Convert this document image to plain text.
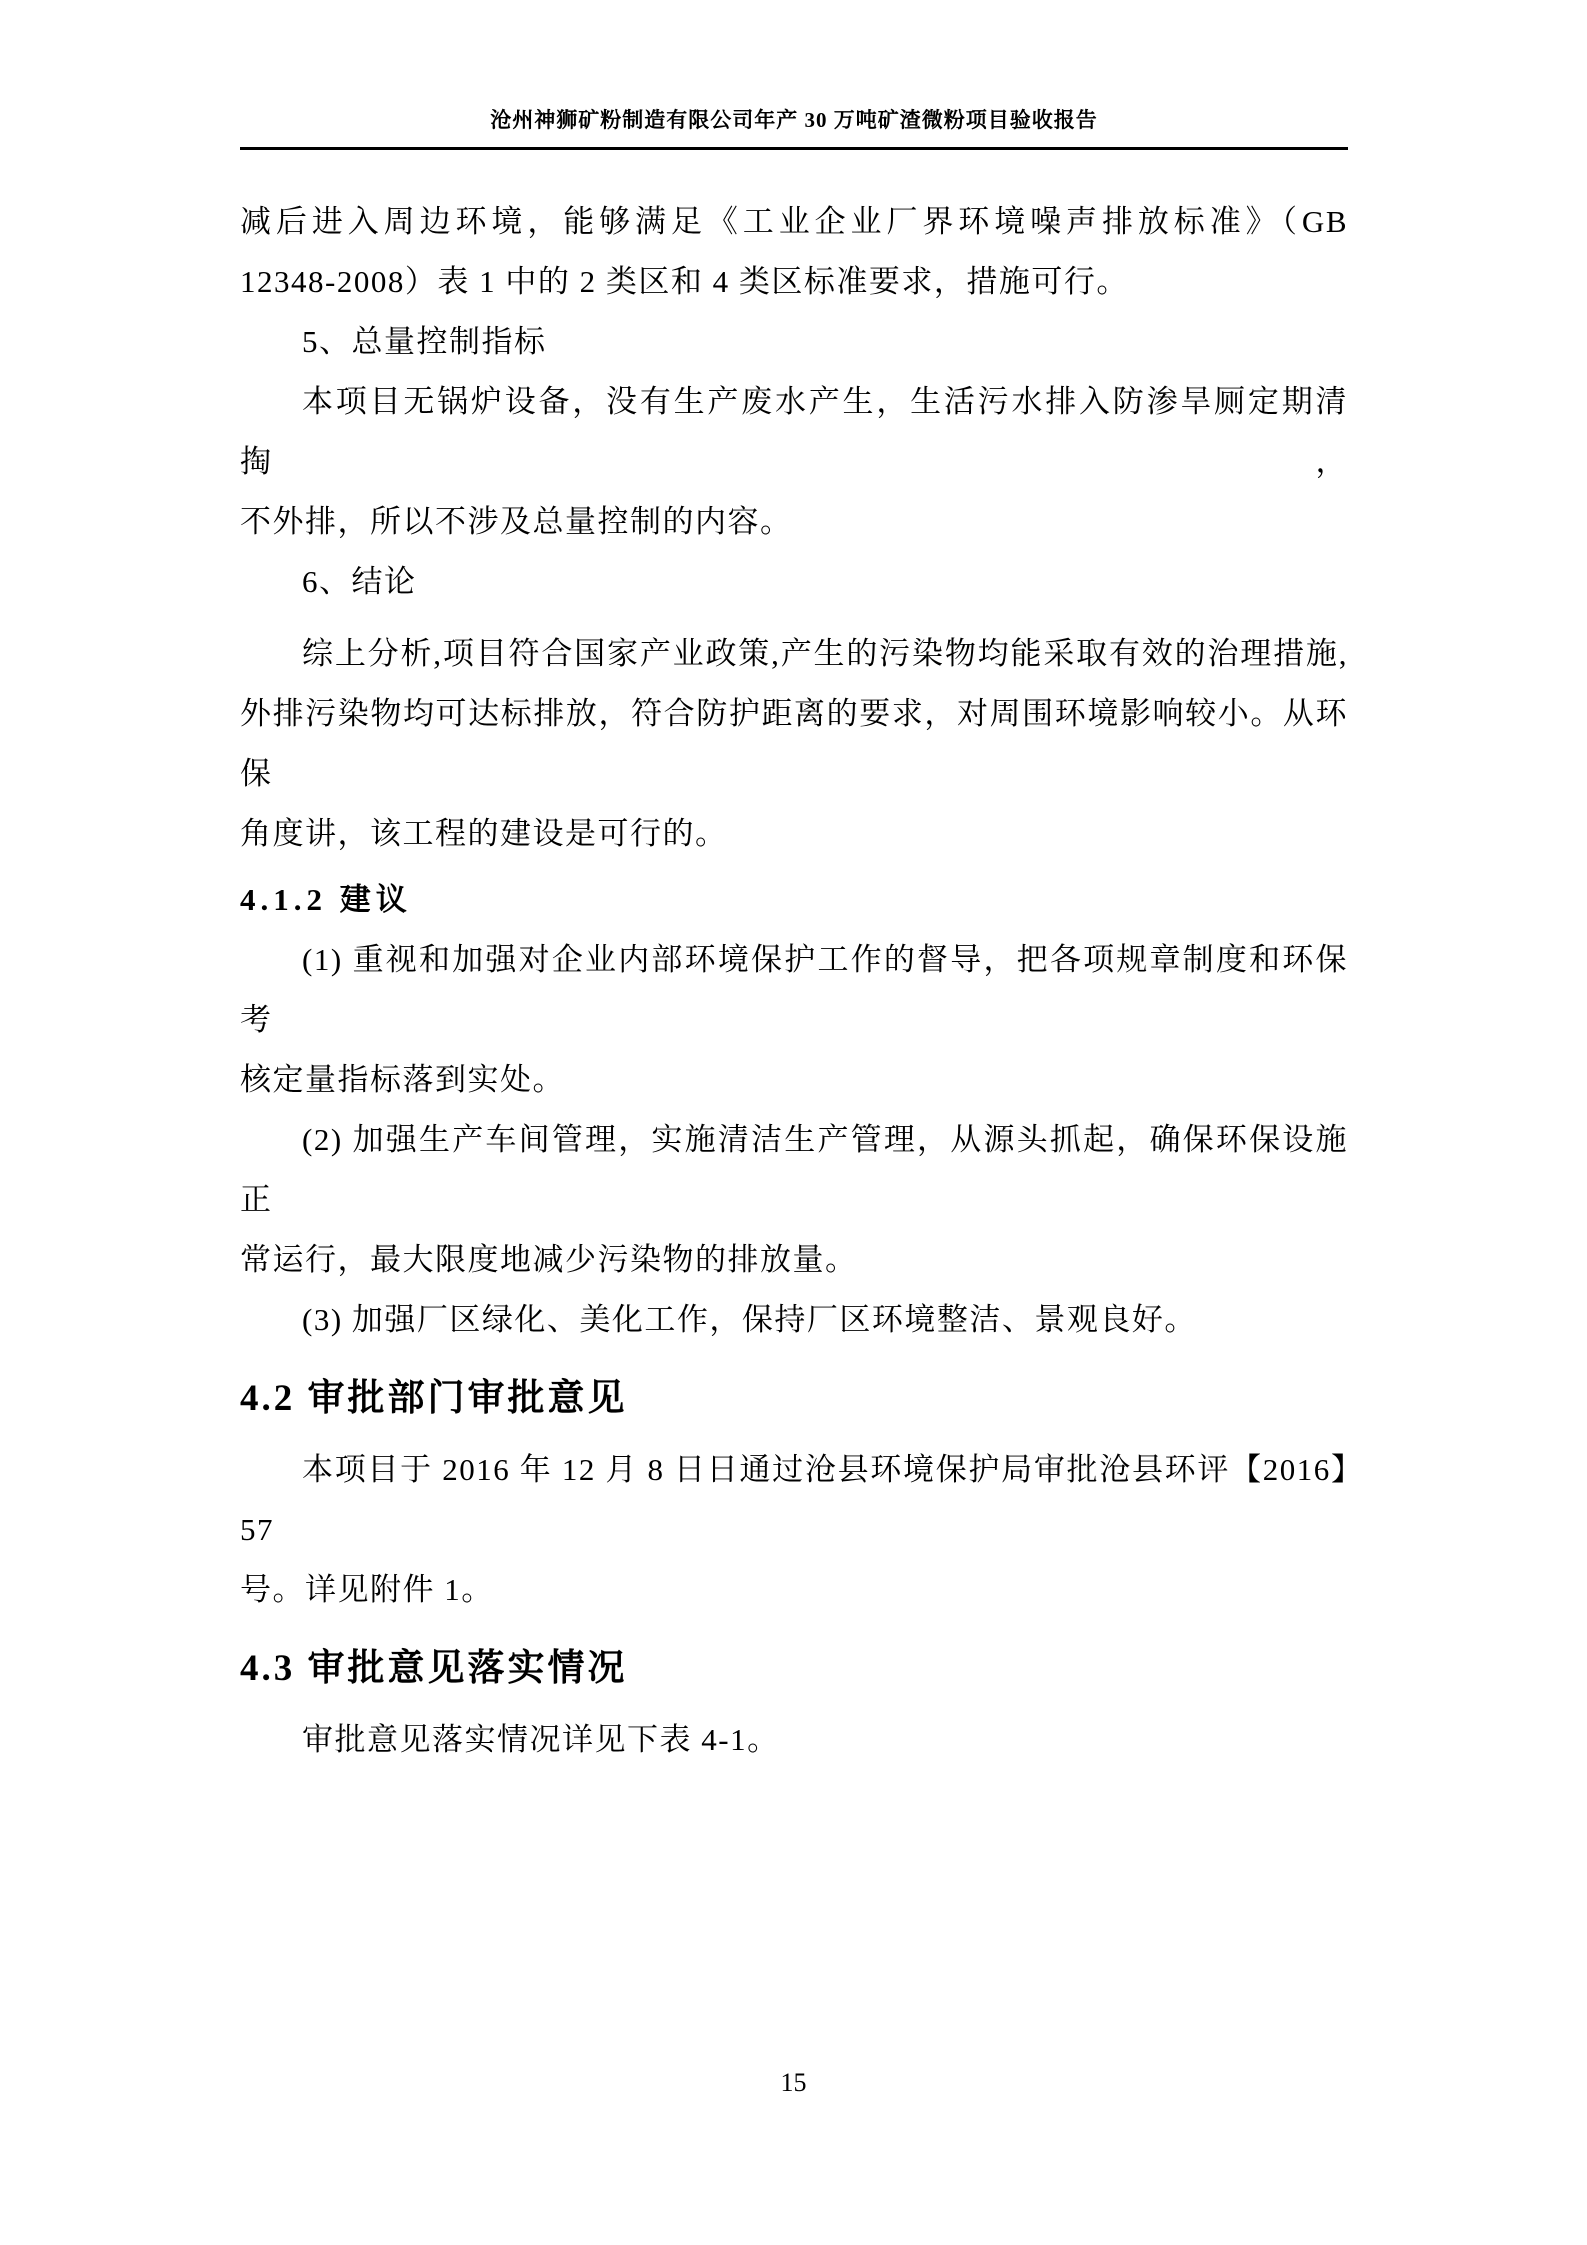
沧州神狮矿粉制造有限公司年产 30 万吨矿渣微粉项目验收报告
减后进入周边环境，能够满足《工业企业厂界环境噪声排放标准》（GB
12348-2008）表 1 中的 2 类区和 4 类区标准要求，措施可行。
5、总量控制指标
本项目无锅炉设备，没有生产废水产生，生活污水排入防渗旱厕定期清掏，
不外排，所以不涉及总量控制的内容。
6、结论
综上分析,项目符合国家产业政策,产生的污染物均能采取有效的治理措施,
外排污染物均可达标排放，符合防护距离的要求，对周围环境影响较小。从环保
角度讲，该工程的建设是可行的。
4.1.2 建议
(1) 重视和加强对企业内部环境保护工作的督导，把各项规章制度和环保考
核定量指标落到实处。
(2) 加强生产车间管理，实施清洁生产管理，从源头抓起，确保环保设施正
常运行，最大限度地减少污染物的排放量。
(3) 加强厂区绿化、美化工作，保持厂区环境整洁、景观良好。
4.2 审批部门审批意见
本项目于 2016 年 12 月 8 日日通过沧县环境保护局审批沧县环评【2016】57
号。详见附件 1。
4.3 审批意见落实情况
审批意见落实情况详见下表 4-1。
15
